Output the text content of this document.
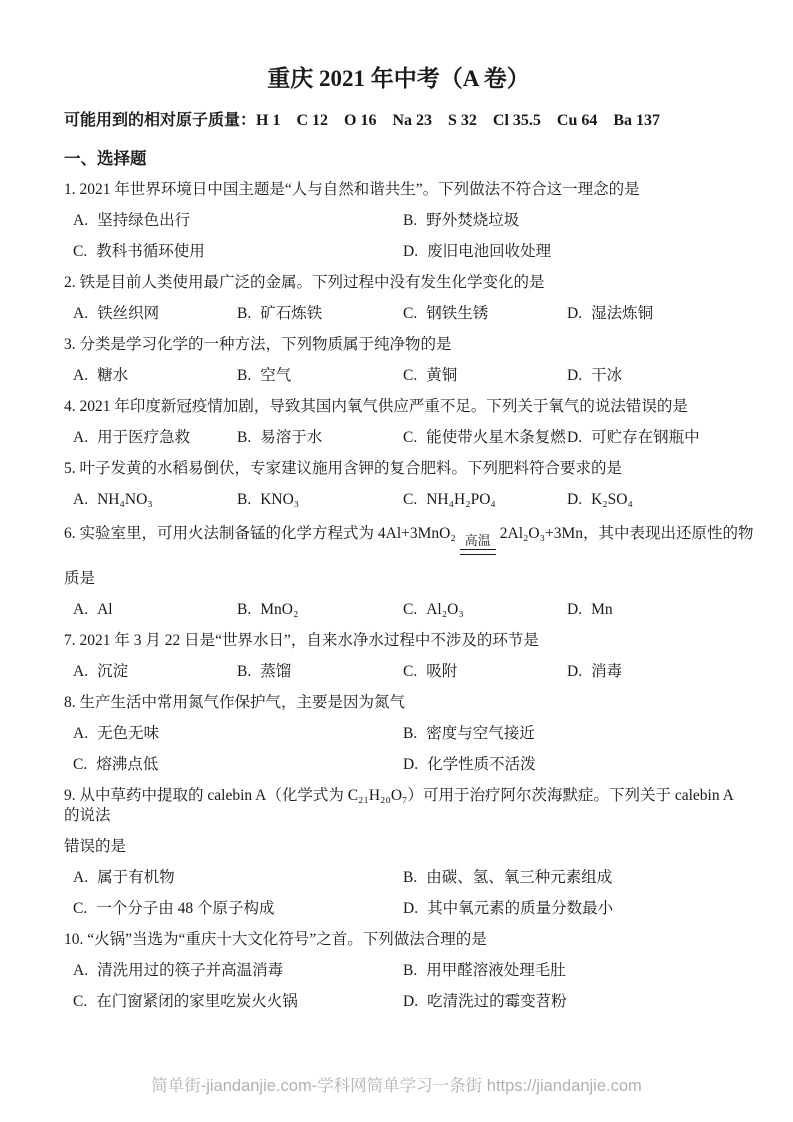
重庆 2021 年中考（A 卷）

可能用到的相对原子质量：H 1    C 12    O 16    Na 23    S 32    Cl 35.5    Cu 64    Ba 137

一、选择题

1. 2021 年世界环境日中国主题是“人与自然和谐共生”。下列做法不符合这一理念的是

A. 坚持绿色出行	B. 野外焚烧垃圾
C. 教科书循环使用	D. 废旧电池回收处理

2. 铁是目前人类使用最广泛的金属。下列过程中没有发生化学变化的是

A. 铁丝织网	B. 矿石炼铁	C. 钢铁生锈	D. 湿法炼铜

3. 分类是学习化学的一种方法，下列物质属于纯净物的是

A. 糖水	B. 空气	C. 黄铜	D. 干冰

4. 2021 年印度新冠疫情加剧，导致其国内氧气供应严重不足。下列关于氧气的说法错误的是

A. 用于医疗急救	B. 易溶于水	C. 能使带火星木条复燃 D. 可贮存在钢瓶中

5. 叶子发黄的水稻易倒伏，专家建议施用含钾的复合肥料。下列肥料符合要求的是

A. NH₄NO₃	B. KNO₃	C. NH₄H₂PO₄	D. K₂SO₄

6. 实验室里，可用火法制备锰的化学方程式为 4Al+3MnO₂ 高温 2Al₂O₃+3Mn，其中表现出还原性的物

质是

A. Al	B. MnO₂	C. Al₂O₃	D. Mn

7. 2021 年 3 月 22 日是“世界水日”，自来水净水过程中不涉及的环节是

A. 沉淀	B. 蒸馏	C. 吸附	D. 消毒

8. 生产生活中常用氮气作保护气，主要是因为氮气

A. 无色无味	B. 密度与空气接近
C. 熔沸点低	D. 化学性质不活泼

9. 从中草药中提取的 calebin A（化学式为 C₂₁H₂₀O₇）可用于治疗阿尔茨海默症。下列关于 calebin A 的说法

错误的是

A. 属于有机物	B. 由碳、氢、氧三种元素组成
C. 一个分子由 48 个原子构成	D. 其中氧元素的质量分数最小

10. “火锅”当选为“重庆十大文化符号”之首。下列做法合理的是

A. 清洗用过的筷子并高温消毒	B. 用甲醛溶液处理毛肚
C. 在门窗紧闭的家里吃炭火火锅	D. 吃清洗过的霉变苕粉
简单街-jiandanjie.com-学科网简单学习一条街 https://jiandanjie.com
